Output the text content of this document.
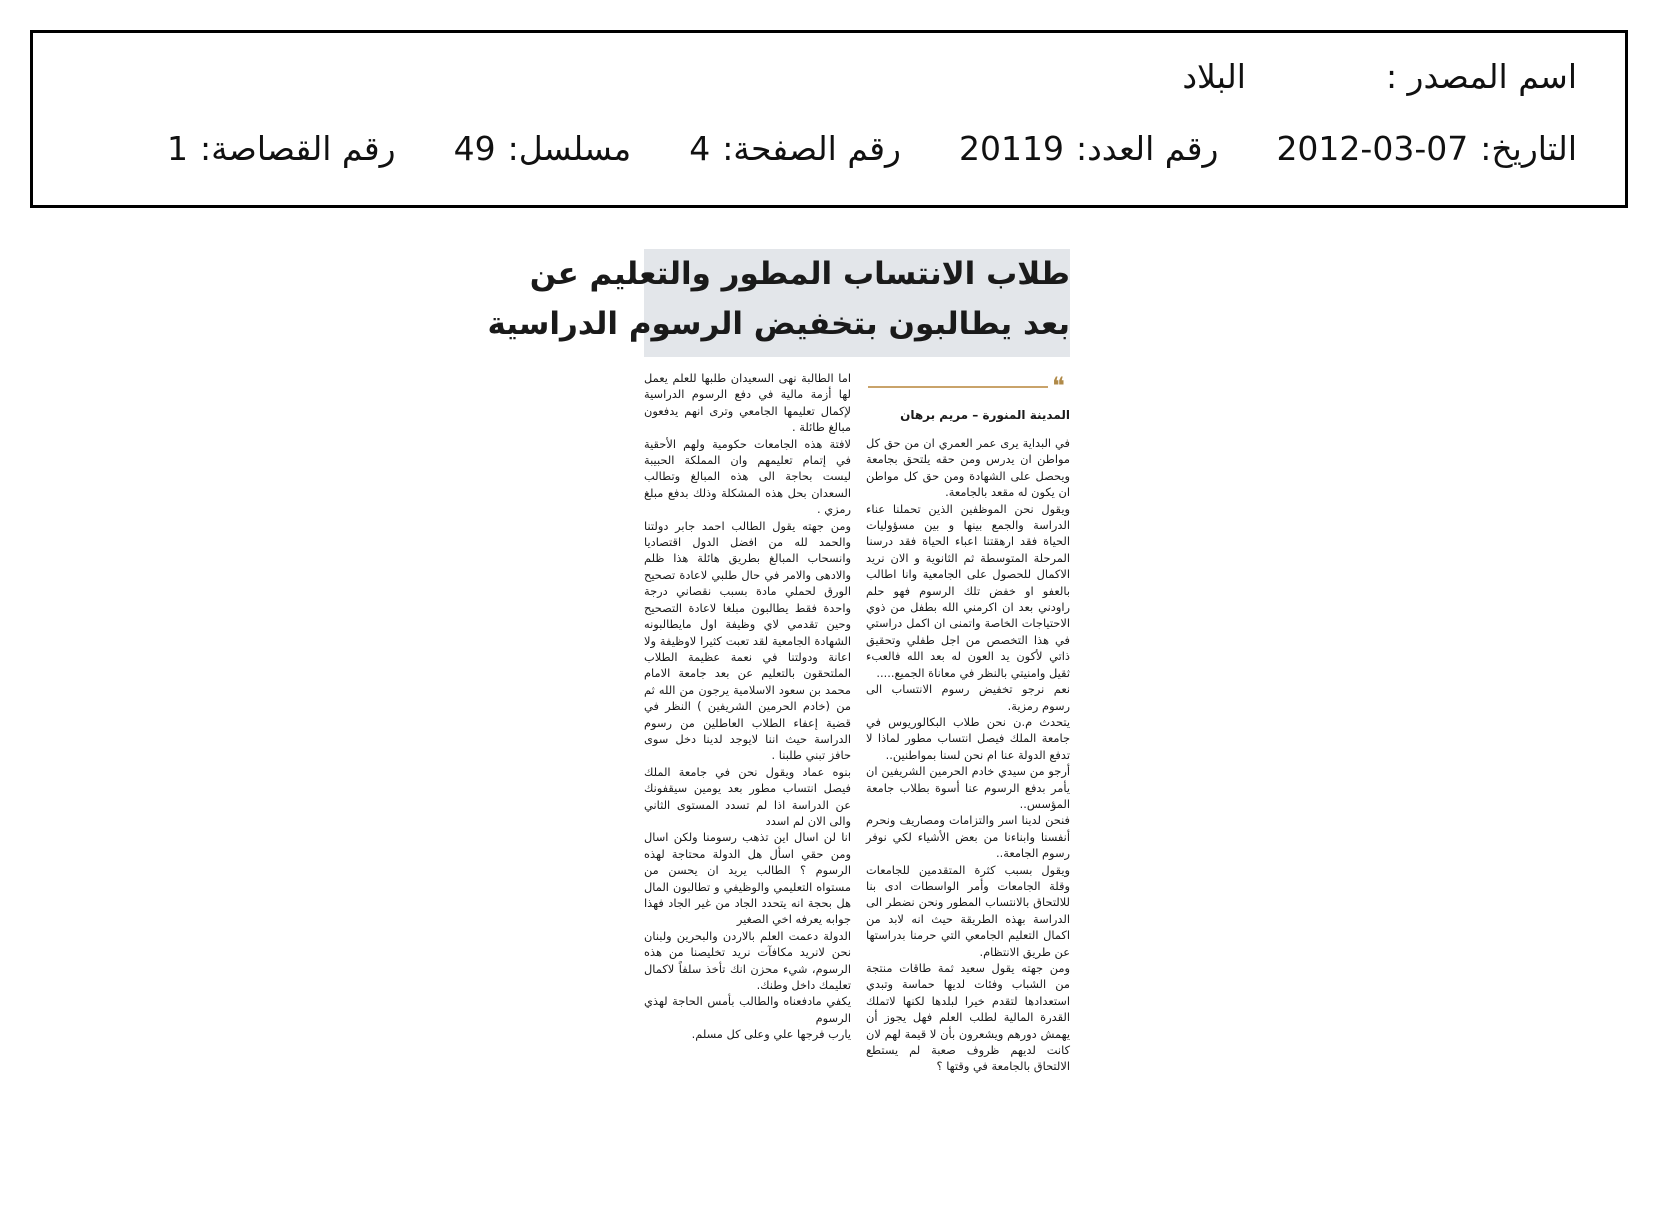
اسم المصدر :
البلاد
التاريخ:
2012-03-07
رقم العدد:
20119
رقم الصفحة:
4
مسلسل:
49
رقم القصاصة:
1
طلاب الانتساب المطور والتعليم عن
بعد يطالبون بتخفيض الرسوم الدراسية
❝
المدينة المنورة – مريم برهان

في البداية يرى عمر العمري ان من حق كل مواطن ان يدرس ومن حقه يلتحق بجامعة ويحصل على الشهادة ومن حق كل مواطن ان يكون له مقعد بالجامعة.

ويقول نحن الموظفين الذين تحملنا عناء الدراسة والجمع بينها و بين مسؤوليات الحياة فقد ارهقتنا اعباء الحياة فقد درسنا المرحلة المتوسطة ثم الثانوية و الان نريد الاكمال للحصول على الجامعية وانا اطالب بالعفو او خفض تلك الرسوم فهو حلم راودني بعد ان اكرمني الله بطفل من ذوي الاحتياجات الخاصة واتمنى ان اكمل دراستي في هذا التخصص من اجل طفلي وتحقيق ذاتي لأكون يد العون له بعد الله فالعبء ثقيل وامنيتي بالنظر في معاناة الجميع.....

نعم نرجو تخفيض رسوم الانتساب الى رسوم رمزية.

يتحدث م.ن نحن طلاب البكالوريوس في جامعة الملك فيصل انتساب مطور لماذا لا تدفع الدولة عنا ام نحن لسنا بمواطنين..

أرجو من سيدي خادم الحرمين الشريفين ان يأمر بدفع الرسوم عنا أسوة بطلاب جامعة المؤسس..

فنحن لدينا اسر والتزامات ومصاريف ونحرم أنفسنا وابناءنا من بعض الأشياء لكي نوفر رسوم الجامعة..

ويقول بسبب كثرة المتقدمين للجامعات وقلة الجامعات وأمر الواسطات ادى بنا للالتحاق بالانتساب المطور ونحن نضطر الى الدراسة بهذه الطريقة حيث انه لابد من اكمال التعليم الجامعي التي حرمنا بدراستها عن طريق الانتظام.

ومن جهته يقول سعيد ثمة طاقات منتجة من الشباب وفئات لديها حماسة وتبدي استعدادها لتقدم خيرا لبلدها لكنها لاتملك القدرة المالية لطلب العلم فهل يجوز أن يهمش دورهم ويشعرون بأن لا قيمة لهم لان كانت لديهم ظروف صعبة لم يستطع الالتحاق بالجامعة في وقتها ؟

اما الطالبة نهى السعيدان طلبها للعلم يعمل لها أزمة مالية في دفع الرسوم الدراسية لإكمال تعليمها الجامعي وترى انهم يدفعون مبالغ طائلة .

لافتة هذه الجامعات حكومية ولهم الأحقية في إتمام تعليمهم وان المملكة الحبيبة ليست بحاجة الى هذه المبالغ وتطالب السعدان بحل هذه المشكلة وذلك بدفع مبلغ رمزي .

ومن جهته يقول الطالب احمد جابر دولتنا والحمد لله من افضل الدول اقتصاديا وانسحاب المبالغ بطريق هائلة هذا ظلم والادهى والامر في حال طلبي لاعادة تصحيح الورق لحملي مادة بسبب نقصاني درجة واحدة فقط يطالبون مبلغا لاعادة التصحيح وحين تقدمي لاي وظيفة اول مايطالبونه الشهادة الجامعية لقد تعبت كثيرا لاوظيفة ولا اعانة ودولتنا في نعمة عظيمة الطلاب الملتحقون بالتعليم عن بعد جامعة الامام محمد بن سعود الاسلامية يرجون من الله ثم من (خادم الحرمين الشريفين ) النظر في قضية إعفاء الطلاب العاطلين من رسوم الدراسة حيث اننا لايوجد لدينا دخل سوى حافز تبني طلبنا .

بنوه عماد ويقول نحن في جامعة الملك فيصل انتساب مطور بعد يومين سيقفونك عن الدراسة اذا لم تسدد المستوى الثاني والى الان لم اسدد

انا لن اسال اين تذهب رسومنا ولكن اسال ومن حقي اسأل هل الدولة محتاجة لهذه الرسوم ؟ الطالب يريد ان يحسن من مستواه التعليمي والوظيفي و تطالبون المال هل بحجة انه يتحدد الجاد من غير الجاد فهذا جوابه يعرفه اخي الصغير

الدولة دعمت العلم بالاردن والبحرين ولبنان نحن لانريد مكافآت نريد تخليصنا من هذه الرسوم، شيء محزن انك تأخذ سلفاً لاكمال تعليمك داخل وطنك.

يكفي مادفعناه والطالب بأمس الحاجة لهذي الرسوم

يارب فرجها علي وعلى كل مسلم.
